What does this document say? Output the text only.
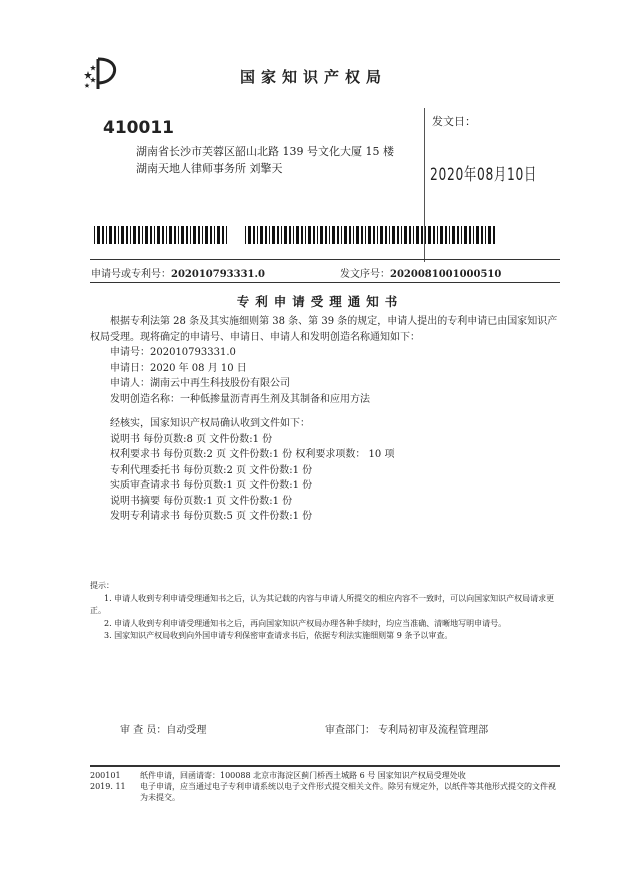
国家知识产权局
410011
湖南省长沙市芙蓉区韶山北路 139 号文化大厦 15 楼
湖南天地人律师事务所 刘擎天
发文日：
2020年08月10日
申请号或专利号：202010793331.0	发文序号：2020081001000510
专利申请受理通知书

根据专利法第 28 条及其实施细则第 38 条、第 39 条的规定，申请人提出的专利申请已由国家知识产权局受理。现将确定的申请号、申请日、申请人和发明创造名称通知如下：

申请号：202010793331.0

申请日：2020 年 08 月 10 日

申请人：湖南云中再生科技股份有限公司

发明创造名称：一种低掺量沥青再生剂及其制备和应用方法

经核实，国家知识产权局确认收到文件如下：

说明书 每份页数:8 页 文件份数:1 份

权利要求书 每份页数:2 页 文件份数:1 份 权利要求项数： 10 项

专利代理委托书 每份页数:2 页 文件份数:1 份

实质审查请求书 每份页数:1 页 文件份数:1 份

说明书摘要 每份页数:1 页 文件份数:1 份

发明专利请求书 每份页数:5 页 文件份数:1 份

提示：

1. 申请人收到专利申请受理通知书之后，认为其记载的内容与申请人所提交的相应内容不一致时，可以向国家知识产权局请求更正。

2. 申请人收到专利申请受理通知书之后，再向国家知识产权局办理各种手续时，均应当准确、清晰地写明申请号。

3. 国家知识产权局收到向外国申请专利保密审查请求书后，依据专利法实施细则第 9 条予以审查。

审 查 员：自动受理	审查部门： 专利局初审及流程管理部
200101	纸件申请，回函请寄：100088 北京市海淀区蓟门桥西土城路 6 号 国家知识产权局受理处收
2019. 11	电子申请，应当通过电子专利申请系统以电子文件形式提交相关文件。除另有规定外，以纸件等其他形式提交的文件视为未提交。
